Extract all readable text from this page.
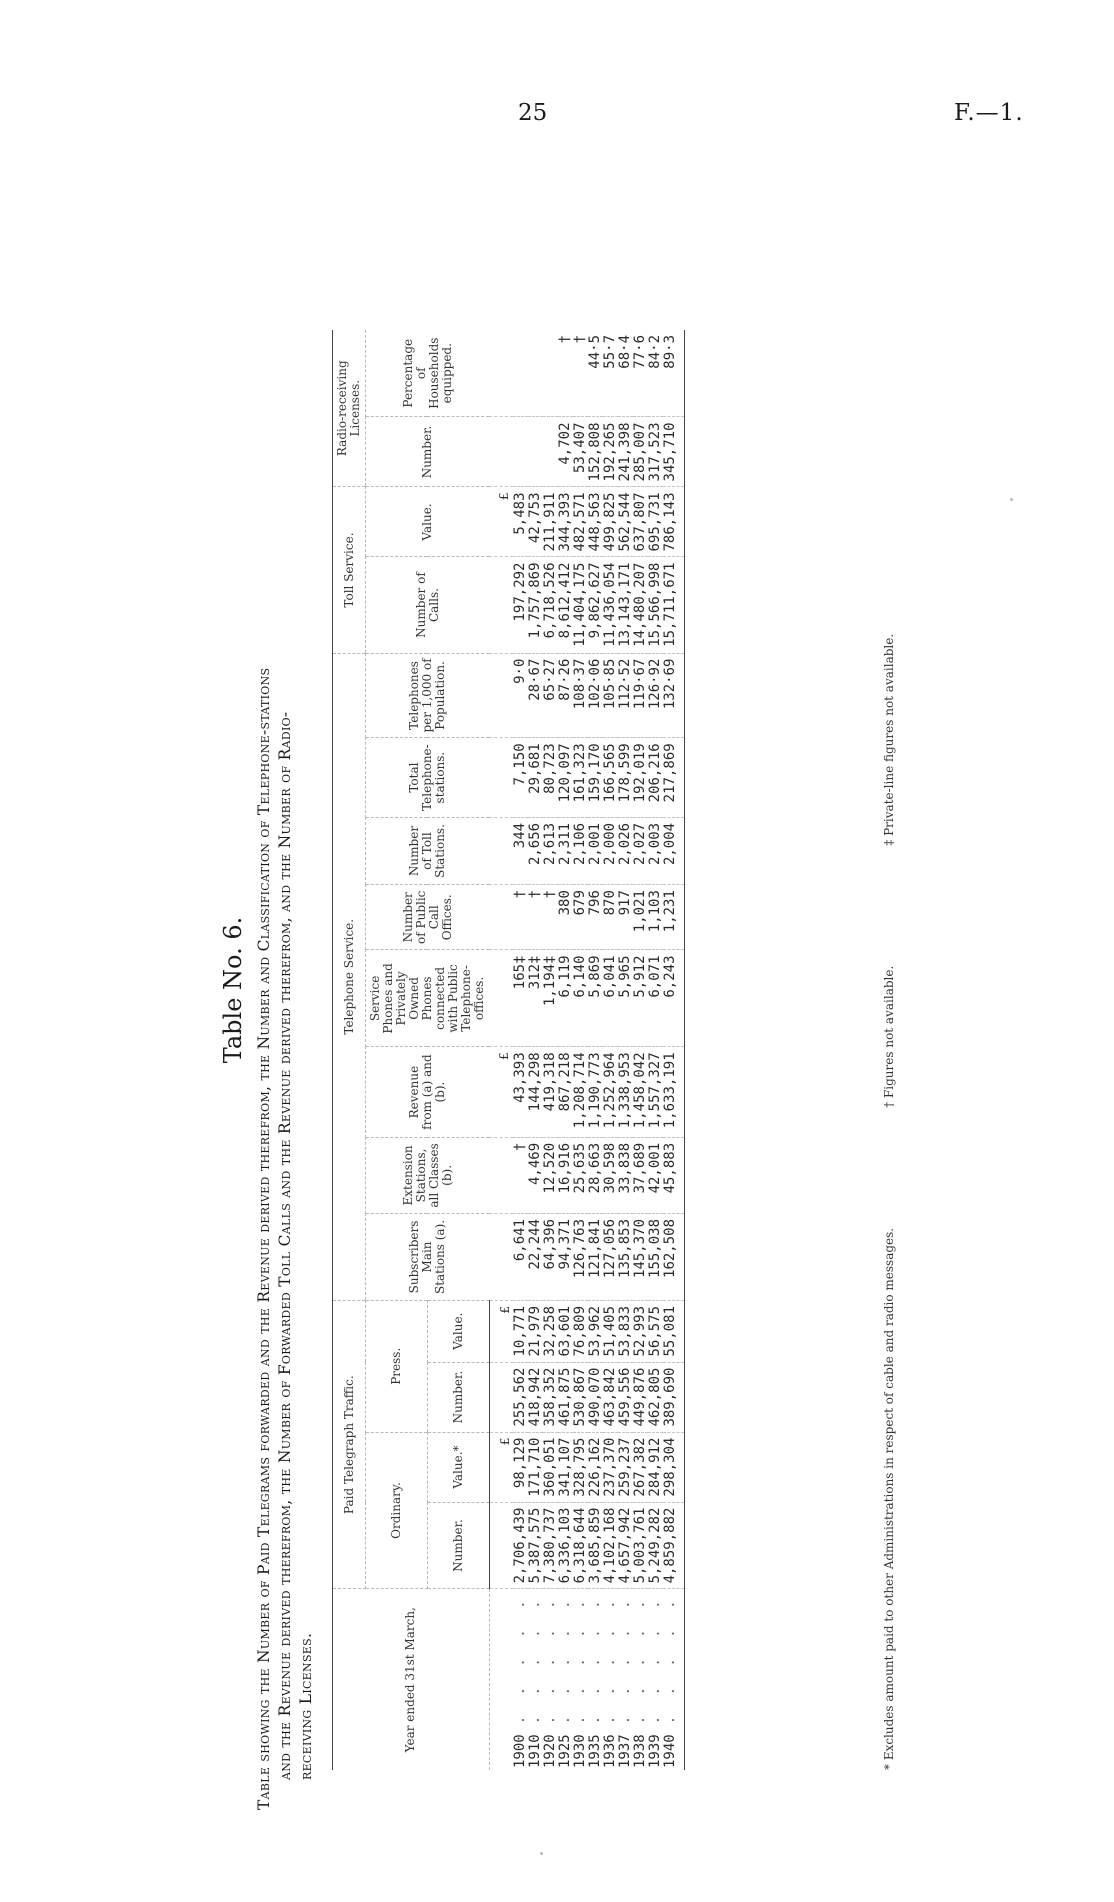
25	F.—1.
Table No. 6. Table showing the Number of Paid Telegrams forwarded and the Revenue derived therefrom, the Number and Classification of Telephone-stations and the Revenue derived therefrom, the Number of Forwarded Toll Calls and the Revenue derived therefrom, and the Number of Radio- receiving Licenses.	Year ended 31st March,	Paid Telegraph Traffic.				Telephone Service.								Toll Service.		Radio-receiving Licenses.	
	Ordinary.		Press.		Subscribers Main Stations (a).	Extension Stations, all Classes (b).	Revenue from (a) and (b).	Service Phones and Privately Owned Phones connected with Public Telephone-offices.	Number of Public Call Offices.	Number of Toll Stations.	Total Telephone-stations.	Telephones per 1,000 of Population.	Number of Calls.	Value.	Number.	Percentage of Households equipped.
	Number.	Value.*	Number.	Value.												
		£		£			£							£		
1900. . . . .	2,706,439	98,129	255,562	10,771	6,641	†	43,393	165‡	†	344	7,150	9·0	197,292	5,483		
1910. . . . .	5,387,575	171,710	418,942	21,979	22,244	4,469	144,298	312‡	†	2,656	29,681	28·67	1,757,869	42,753		
1920. . . . .	7,380,737	360,051	358,352	32,258	64,396	12,520	419,318	1,194‡	†	2,613	80,723	65·27	6,718,526	211,911		
1925. . . . .	6,336,103	341,107	461,875	63,601	94,371	16,916	867,218	6,119	380	2,311	120,097	87·26	8,612,412	344,393	4,702	†
1930. . . . .	6,318,644	328,795	530,867	76,809	126,763	25,635	1,208,714	6,140	679	2,106	161,323	108·37	11,404,175	482,571	53,407	†
1935. . . . .	3,685,859	226,162	490,070	53,962	121,841	28,663	1,190,773	5,869	796	2,001	159,170	102·06	9,862,627	448,563	152,808	44·5
1936. . . . .	4,102,168	237,370	463,842	51,405	127,056	30,598	1,252,964	6,041	870	2,000	166,565	105·85	11,436,054	499,825	192,265	55·7
1937. . . . .	4,657,942	259,237	459,556	53,833	135,853	33,838	1,338,953	5,965	917	2,026	178,599	112·52	13,143,171	562,544	241,398	68·4
1938. . . . .	5,003,761	267,382	449,876	52,993	145,370	37,689	1,458,042	5,912	1,021	2,027	192,019	119·67	14,480,207	637,807	285,007	77·6
1939. . . . .	5,249,282	284,912	462,805	56,575	155,038	42,001	1,557,327	6,071	1,103	2,003	206,216	126·92	15,566,998	695,731	317,523	84·2
1940. . . . .	4,859,882	298,304	389,690	55,081	162,508	45,883	1,633,191	6,243	1,231	2,004	217,869	132·69	15,711,671	786,143	345,710	89·3
* Excludes amount paid to other Administrations in respect of cable and radio messages.
† Figures not available.
‡ Private-line figures not available.
